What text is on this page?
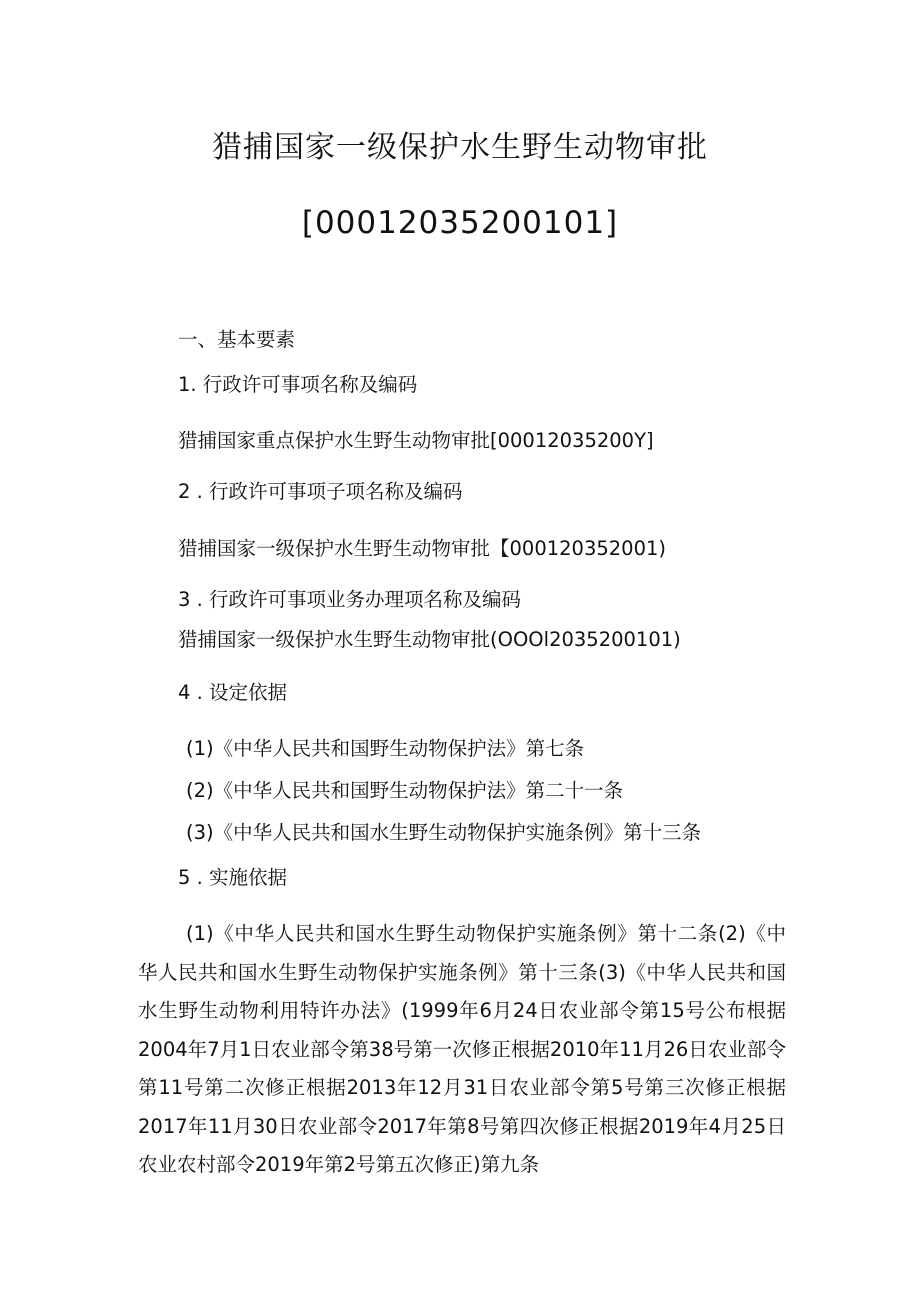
猎捕国家一级保护水生野生动物审批
[00012035200101]
一、基本要素
1. 行政许可事项名称及编码
猎捕国家重点保护水生野生动物审批[00012035200Y]
2 . 行政许可事项子项名称及编码
猎捕国家一级保护水生野生动物审批【000120352001)
3 . 行政许可事项业务办理项名称及编码
猎捕国家一级保护水生野生动物审批(OOOl2035200101)
4 . 设定依据
(1)《中华人民共和国野生动物保护法》第七条
(2)《中华人民共和国野生动物保护法》第二十一条
(3)《中华人民共和国水生野生动物保护实施条例》第十三条
5 . 实施依据
(1)《中华人民共和国水生野生动物保护实施条例》第十二条(2)《中华人民共和国水生野生动物保护实施条例》第十三条(3)《中华人民共和国水生野生动物利用特许办法》(1999年6月24日农业部令第15号公布根据2004年7月1日农业部令第38号第一次修正根据2010年11月26日农业部令第11号第二次修正根据2013年12月31日农业部令第5号第三次修正根据2017年11月30日农业部令2017年第8号第四次修正根据2019年4月25日农业农村部令2019年第2号第五次修正)第九条
